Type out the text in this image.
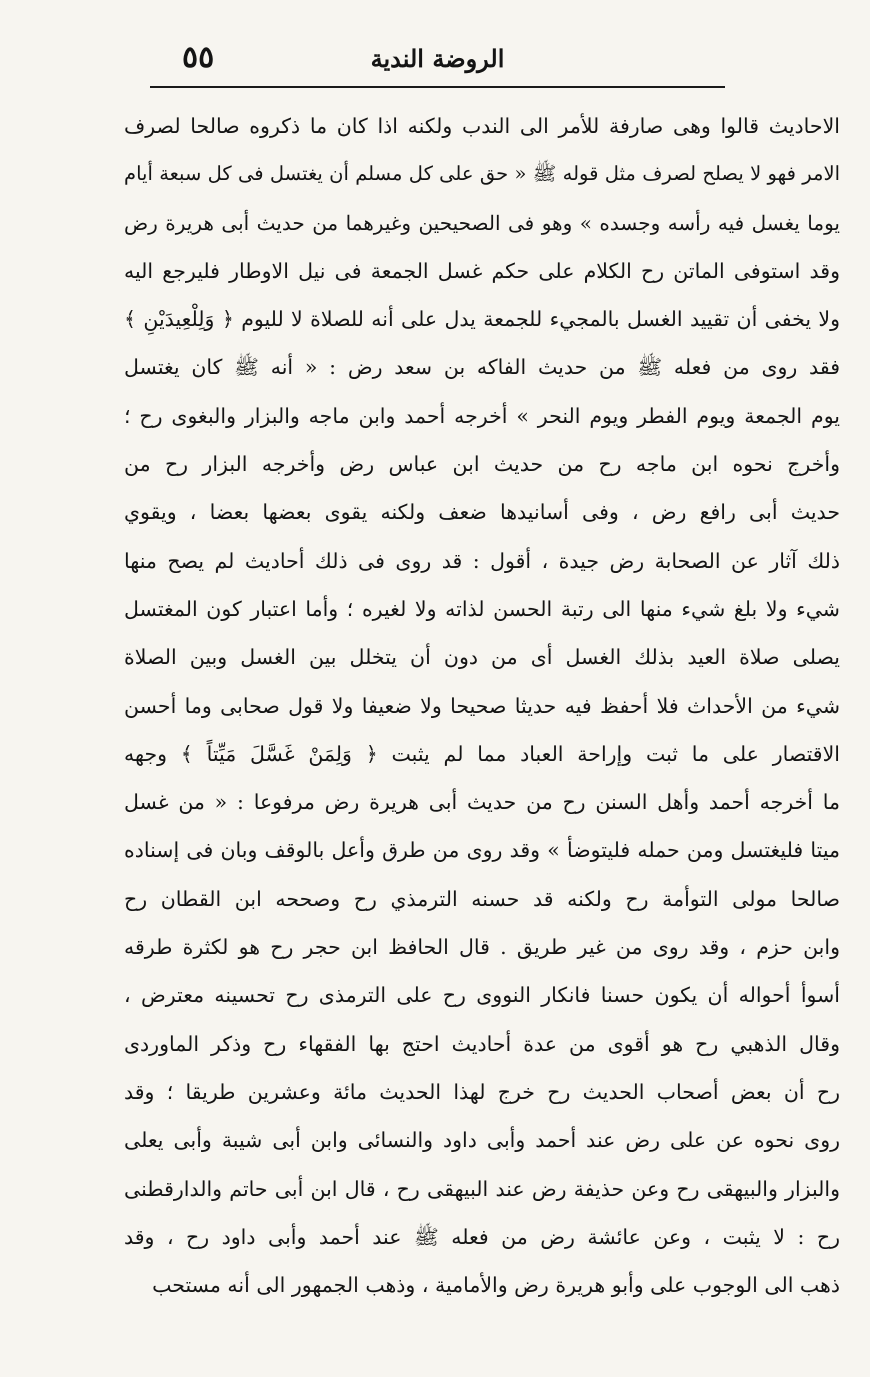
٥٥	الروضة الندية
الاحاديث قالوا وهى صارفة للأمر الى الندب ولكنه اذا كان ما ذكروه صالحا لصرف
الامر فهو لا يصلح لصرف مثل قوله ﷺ « حق على كل مسلم أن يغتسل فى كل سبعة أيام
يوما يغسل فيه رأسه وجسده » وهو فى الصحيحين وغيرهما من حديث أبى هريرة رض
وقد استوفى الماتن رح الكلام على حكم غسل الجمعة فى نيل الاوطار فليرجع اليه
ولا يخفى أن تقييد الغسل بالمجيء للجمعة يدل على أنه للصلاة لا لليوم ﴿ وَلِلْعِيدَيْنِ ﴾
فقد روى من فعله ﷺ من حديث الفاكه بن سعد رض : « أنه ﷺ كان يغتسل
يوم الجمعة ويوم الفطر ويوم النحر » أخرجه أحمد وابن ماجه والبزار والبغوى رح ؛
وأخرج نحوه ابن ماجه رح من حديث ابن عباس رض وأخرجه البزار رح من
حديث أبى رافع رض ، وفى أسانيدها ضعف ولكنه يقوى بعضها بعضا ، ويقوي
ذلك آثار عن الصحابة رض جيدة ، أقول : قد روى فى ذلك أحاديث لم يصح منها
شيء ولا بلغ شيء منها الى رتبة الحسن لذاته ولا لغيره ؛ وأما اعتبار كون المغتسل
يصلى صلاة العيد بذلك الغسل أى من دون أن يتخلل بين الغسل وبين الصلاة
شيء من الأحداث فلا أحفظ فيه حديثا صحيحا ولا ضعيفا ولا قول صحابى وما أحسن
الاقتصار على ما ثبت وإراحة العباد مما لم يثبت ﴿ وَلِمَنْ غَسَّلَ مَيِّتاً ﴾ وجهه
ما أخرجه أحمد وأهل السنن رح من حديث أبى هريرة رض مرفوعا : « من غسل
ميتا فليغتسل ومن حمله فليتوضأ » وقد روى من طرق وأعل بالوقف وبان فى إسناده
صالحا مولى التوأمة رح ولكنه قد حسنه الترمذي رح وصححه ابن القطان رح
وابن حزم ، وقد روى من غير طريق . قال الحافظ ابن حجر رح هو لكثرة طرقه
أسوأ أحواله أن يكون حسنا فانكار النووى رح على الترمذى رح تحسينه معترض ،
وقال الذهبي رح هو أقوى من عدة أحاديث احتج بها الفقهاء رح وذكر الماوردى
رح أن بعض أصحاب الحديث رح خرج لهذا الحديث مائة وعشرين طريقا ؛ وقد
روى نحوه عن على رض عند أحمد وأبى داود والنسائى وابن أبى شيبة وأبى يعلى
والبزار والبيهقى رح وعن حذيفة رض عند البيهقى رح ، قال ابن أبى حاتم والدارقطنى
رح : لا يثبت ، وعن عائشة رض من فعله ﷺ عند أحمد وأبى داود رح ، وقد
ذهب الى الوجوب على وأبو هريرة رض والأمامية ، وذهب الجمهور الى أنه مستحب
